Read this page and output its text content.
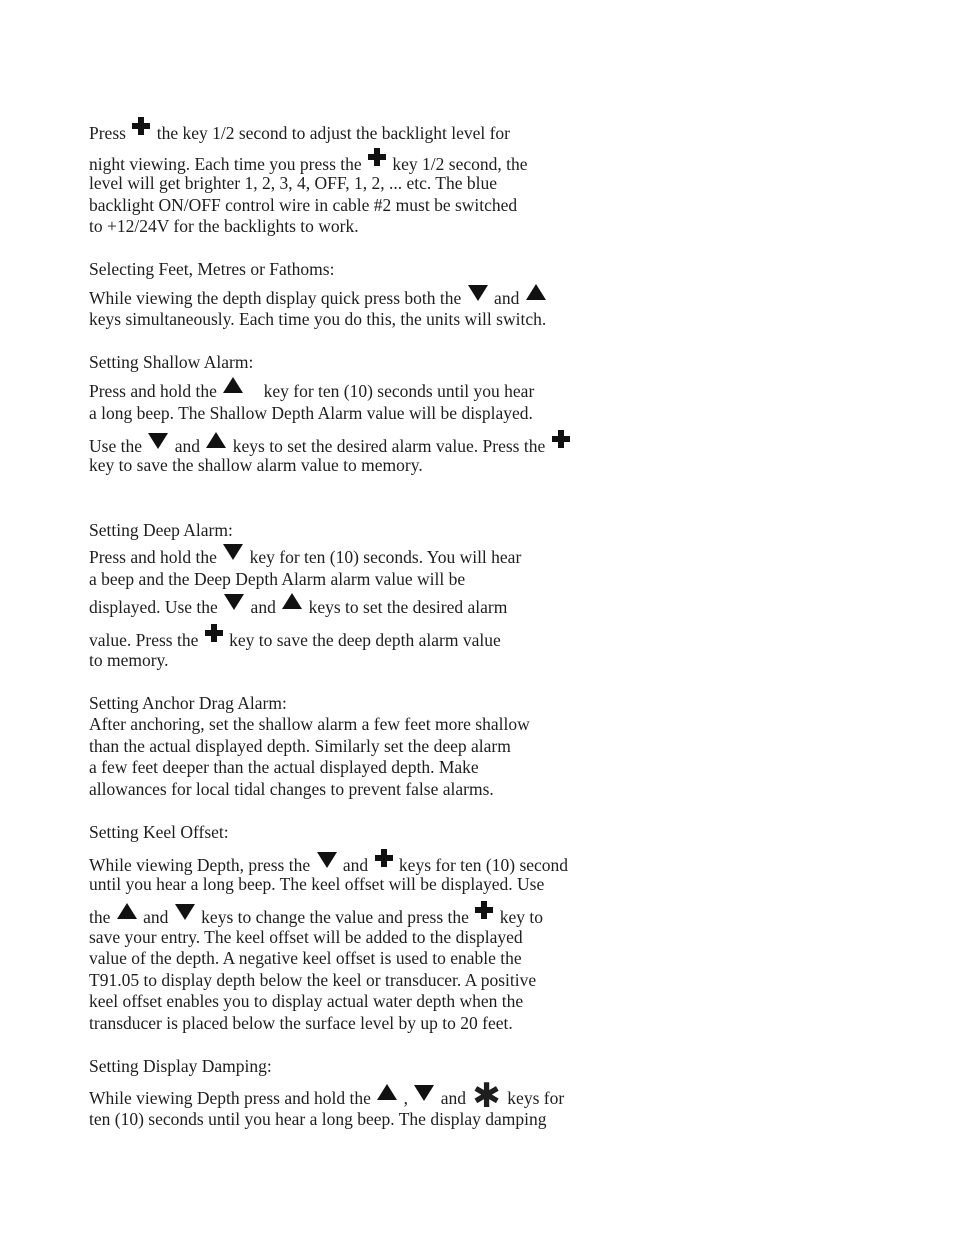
Press the key 1/2 second to adjust the backlight level for
night viewing. Each time you press the key 1/2 second, the
level will get brighter 1, 2, 3, 4, OFF, 1, 2, ... etc. The blue
backlight ON/OFF control wire in cable #2 must be switched
to +12/24V for the backlights to work.
Selecting Feet, Metres or Fathoms:
While viewing the depth display quick press both the and
keys simultaneously. Each time you do this, the units will switch.
Setting Shallow Alarm:
Press and hold the	key for ten (10) seconds until you hear
a long beep. The Shallow Depth Alarm value will be displayed.
Use the and keys to set the desired alarm value. Press the
key to save the shallow alarm value to memory.
Setting Deep Alarm:
Press and hold the key for ten (10) seconds. You will hear
a beep and the Deep Depth Alarm alarm value will be
displayed. Use the and keys to set the desired alarm
value. Press the key to save the deep depth alarm value
to memory.
Setting Anchor Drag Alarm:
After anchoring, set the shallow alarm a few feet more shallow
than the actual displayed depth. Similarly set the deep alarm
a few feet deeper than the actual displayed depth. Make
allowances for local tidal changes to prevent false alarms.
Setting Keel Offset:
While viewing Depth, press the and keys for ten (10) second
until you hear a long beep. The keel offset will be displayed. Use
the and keys to change the value and press the key to
save your entry. The keel offset will be added to the displayed
value of the depth. A negative keel offset is used to enable the
T91.05 to display depth below the keel or transducer. A positive
keel offset enables you to display actual water depth when the
transducer is placed below the surface level by up to 20 feet.
Setting Display Damping:
While viewing Depth press and hold the , and ✱ keys for
ten (10) seconds until you hear a long beep. The display damping
